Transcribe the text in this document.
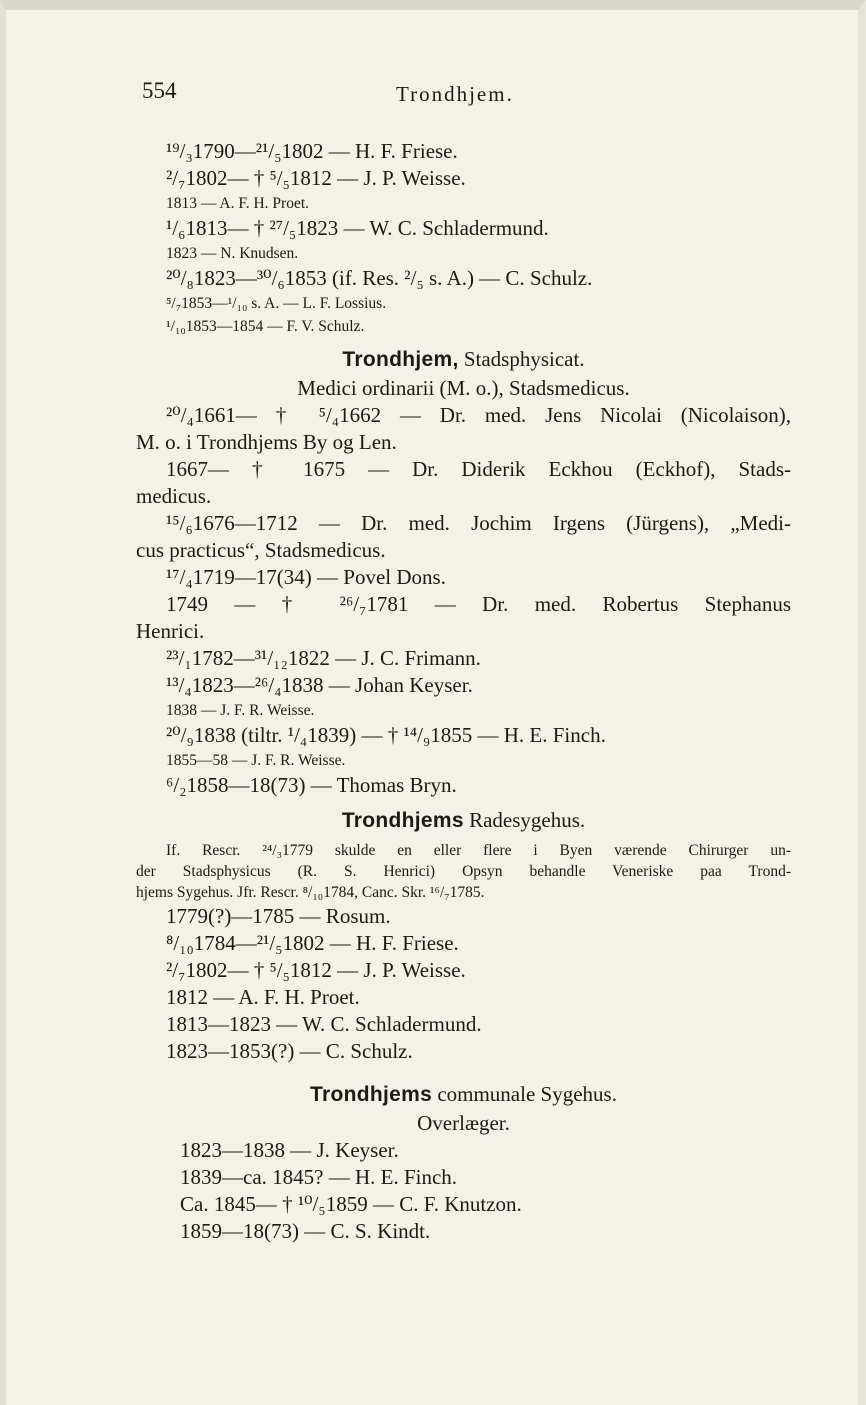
554	Trondhjem.
¹⁹/₃1790—²¹/₅1802 — H. F. Friese.
²/₇1802— † ⁵/₅1812 — J. P. Weisse.
1813 — A. F. H. Proet.
¹/₆1813— † ²⁷/₅1823 — W. C. Schladermund.
1823 — N. Knudsen.
²⁰/₈1823—³⁰/₆1853 (if. Res. ²/₅ s. A.) — C. Schulz.
⁵/₇1853—¹/₁₀ s. A. — L. F. Lossius.
¹/₁₀1853—1854 — F. V. Schulz.
Trondhjem, Stadsphysicat.
Medici ordinarii (M. o.), Stadsmedicus.
²⁰/₄1661— † ⁵/₄1662 — Dr. med. Jens Nicolai (Nicolaison),
M. o. i Trondhjems By og Len.
1667— † 1675 — Dr. Diderik Eckhou (Eckhof), Stads-
medicus.
¹⁵/₆1676—1712 — Dr. med. Jochim Irgens (Jürgens), „Medi-
cus practicus“, Stadsmedicus.
¹⁷/₄1719—17(34) — Povel Dons.
1749 — † ²⁶/₇1781 — Dr. med. Robertus Stephanus
Henrici.
²³/₁1782—³¹/₁₂1822 — J. C. Frimann.
¹³/₄1823—²⁶/₄1838 — Johan Keyser.
1838 — J. F. R. Weisse.
²⁰/₉1838 (tiltr. ¹/₄1839) — † ¹⁴/₉1855 — H. E. Finch.
1855—58 — J. F. R. Weisse.
⁶/₂1858—18(73) — Thomas Bryn.
Trondhjems Radesygehus.
If. Rescr. ²⁴/₃1779 skulde en eller flere i Byen værende Chirurger un-
der Stadsphysicus (R. S. Henrici) Opsyn behandle Veneriske paa Trond-
hjems Sygehus. Jfr. Rescr. ⁸/₁₀1784, Canc. Skr. ¹⁶/₇1785.
1779(?)—1785 — Rosum.
⁸/₁₀1784—²¹/₅1802 — H. F. Friese.
²/₇1802— † ⁵/₅1812 — J. P. Weisse.
1812 — A. F. H. Proet.
1813—1823 — W. C. Schladermund.
1823—1853(?) — C. Schulz.
Trondhjems communale Sygehus.
Overlæger.
1823—1838 — J. Keyser.
1839—ca. 1845? — H. E. Finch.
Ca. 1845— † ¹⁰/₅1859 — C. F. Knutzon.
1859—18(73) — C. S. Kindt.
